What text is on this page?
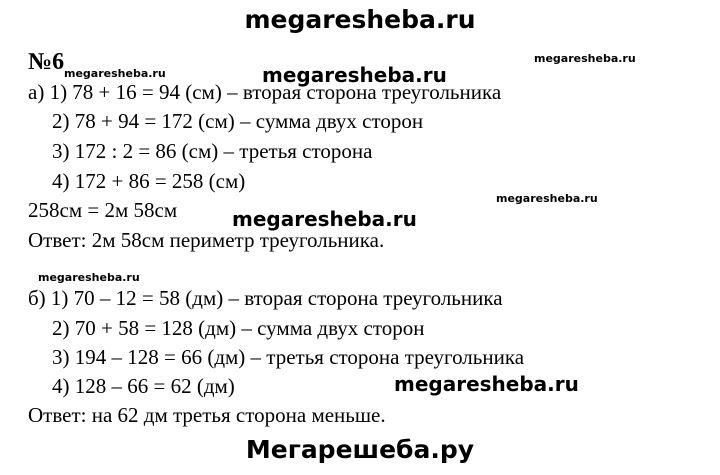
megaresheba.ru
№6 megaresheba.ru	megaresheba.ru
megaresheba.ru
а) 1) 78 + 16 = 94 (см) – вторая сторона треугольника
2) 78 + 94 = 172 (см) – сумма двух сторон
3) 172 : 2 = 86 (см) – третья сторона
4) 172 + 86 = 258 (см)
megaresheba.ru
258см = 2м 58см	megaresheba.ru
Ответ: 2м 58см периметр треугольника.
megaresheba.ru
б) 1) 70 – 12 = 58 (дм) – вторая сторона треугольника
2) 70 + 58 = 128 (дм) – сумма двух сторон
3) 194 – 128 = 66 (дм) – третья сторона треугольника
4) 128 – 66 = 62 (дм)	megaresheba.ru
Ответ: на 62 дм третья сторона меньше.
Мегарешеба.ру
